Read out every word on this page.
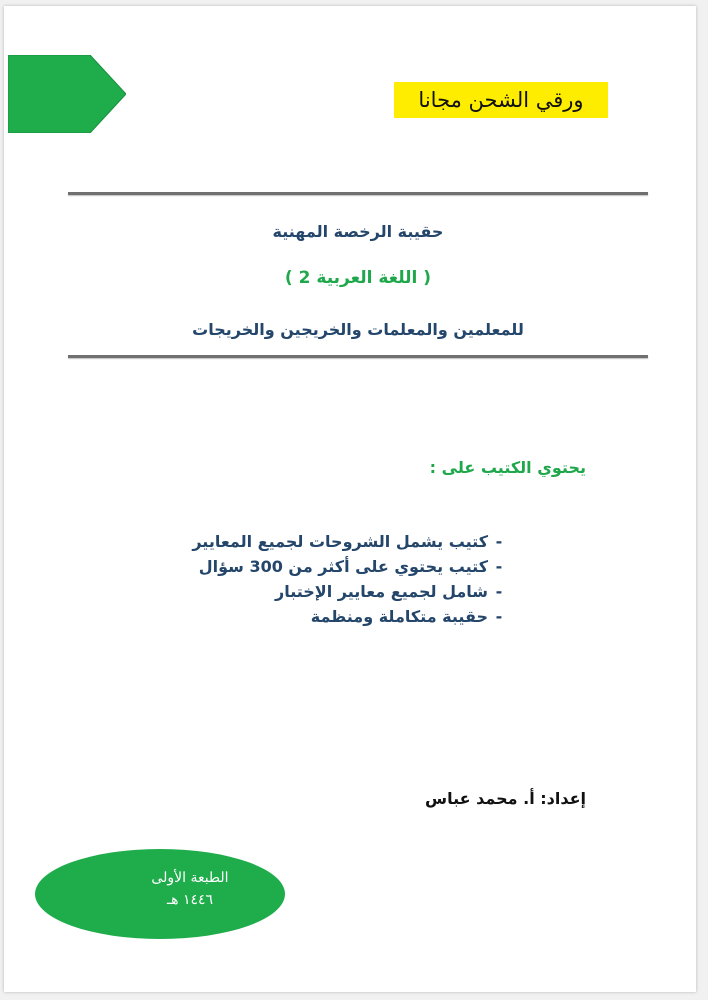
ورقي الشحن مجانا
حقيبة الرخصة المهنية
( اللغة العربية 2 )
للمعلمين والمعلمات والخريجين والخريجات
يحتوي الكتيب على :
-كتيب يشمل الشروحات لجميع المعايير
-كتيب يحتوي على أكثر من 300 سؤال
-شامل لجميع معايير الإختبار
-حقيبة متكاملة ومنظمة
إعداد: أ. محمد عباس
الطبعة الأولى
١٤٤٦ هـ
